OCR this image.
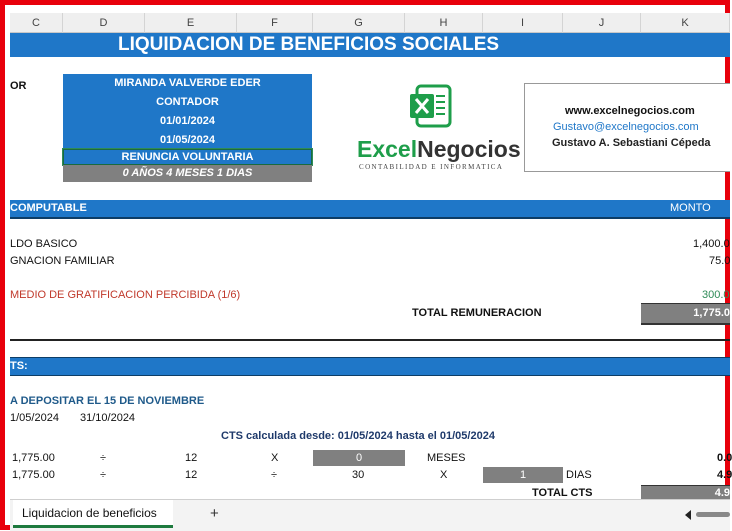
C	D	E	F	G	H	I	J	K
LIQUIDACION DE BENEFICIOS SOCIALES
OR	MIRANDA VALVERDE EDER
CONTADOR
01/01/2024
01/05/2024
RENUNCIA VOLUNTARIA
0 AÑOS 4 MESES 1 DIAS
ExcelNegocios
CONTABILIDAD E INFORMATICA
www.excelnegocios.com
Gustavo@excelnegocios.com
Gustavo A. Sebastiani Cépeda
COMPUTABLE	MONTO
LDO BASICO	1,400.0
GNACION FAMILIAR	75.0
MEDIO DE GRATIFICACION PERCIBIDA (1/6)	300.0
TOTAL REMUNERACION	1,775.0
TS:
A DEPOSITAR EL 15 DE NOVIEMBRE
1/05/2024 31/10/2024
CTS calculada desde: 01/05/2024 hasta el 01/05/2024
1,775.00	÷	12	X	0	MESES	0.0
1,775.00	÷	12	÷	30	X	1	DIAS	4.9
TOTAL CTS	4.9
Liquidacion de beneficios	+
